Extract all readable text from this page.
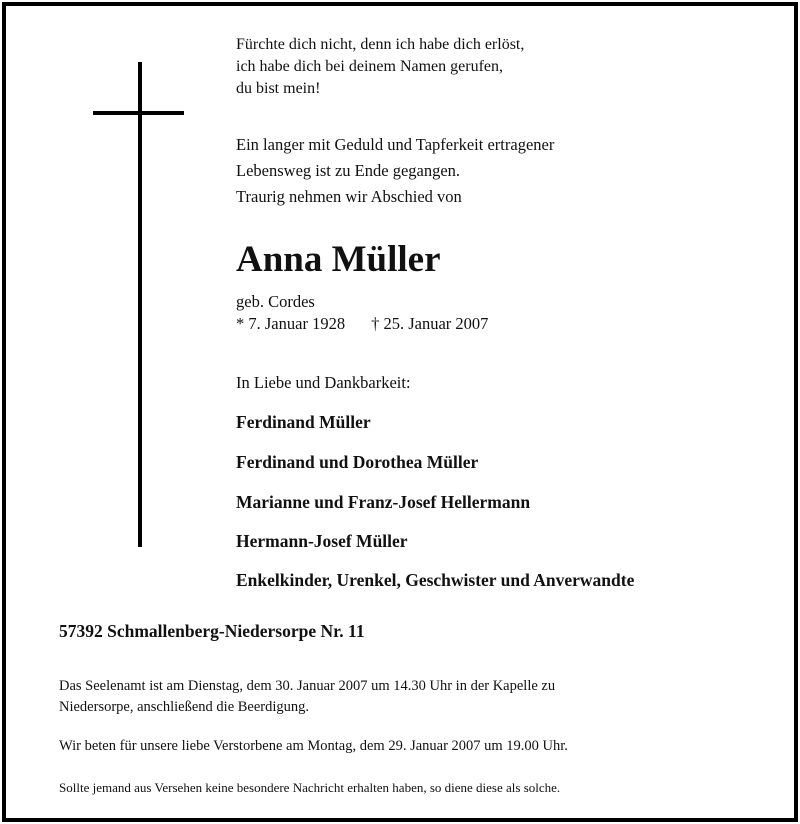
Fürchte dich nicht, denn ich habe dich erlöst,
ich habe dich bei deinem Namen gerufen,
du bist mein!
Ein langer mit Geduld und Tapferkeit ertragener
Lebensweg ist zu Ende gegangen.
Traurig nehmen wir Abschied von
Anna Müller
geb. Cordes
* 7. Januar 1928 † 25. Januar 2007
In Liebe und Dankbarkeit:
Ferdinand Müller
Ferdinand und Dorothea Müller
Marianne und Franz-Josef Hellermann
Hermann-Josef Müller
Enkelkinder, Urenkel, Geschwister und Anverwandte
57392 Schmallenberg-Niedersorpe Nr. 11
Das Seelenamt ist am Dienstag, dem 30. Januar 2007 um 14.30 Uhr in der Kapelle zu
Niedersorpe, anschließend die Beerdigung.
Wir beten für unsere liebe Verstorbene am Montag, dem 29. Januar 2007 um 19.00 Uhr.
Sollte jemand aus Versehen keine besondere Nachricht erhalten haben, so diene diese als solche.
